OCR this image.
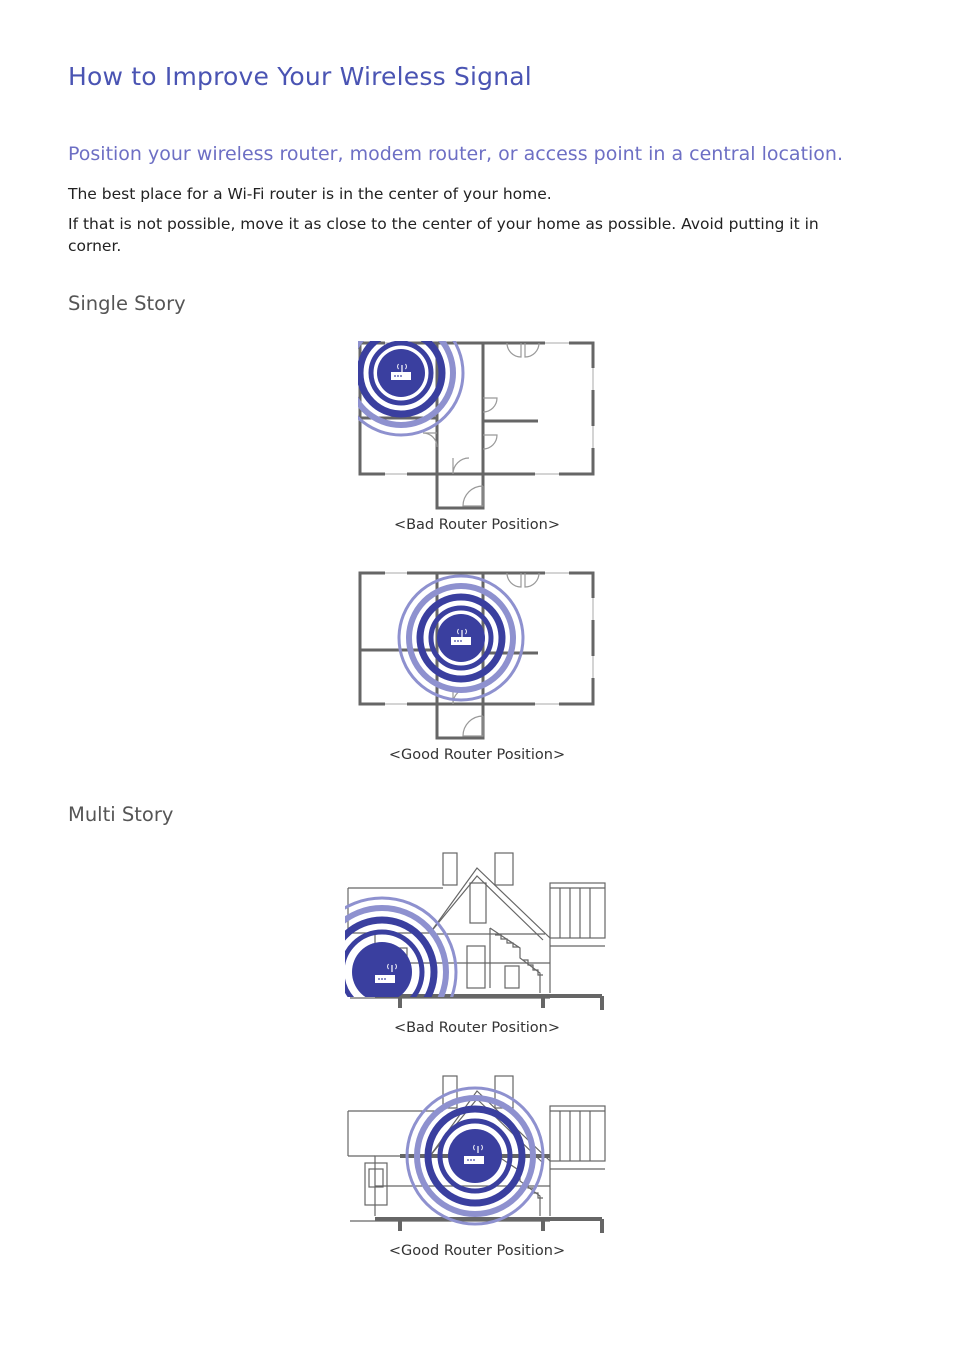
How to Improve Your Wireless Signal
Position your wireless router, modem router, or access point in a central location.

The best place for a Wi-Fi router is in the center of your home.

If that is not possible, move it as close to the center of your home as possible. Avoid putting it in corner.

Single Story

<Bad Router Position>

<Good Router Position>

Multi Story

<Bad Router Position>

<Good Router Position>
